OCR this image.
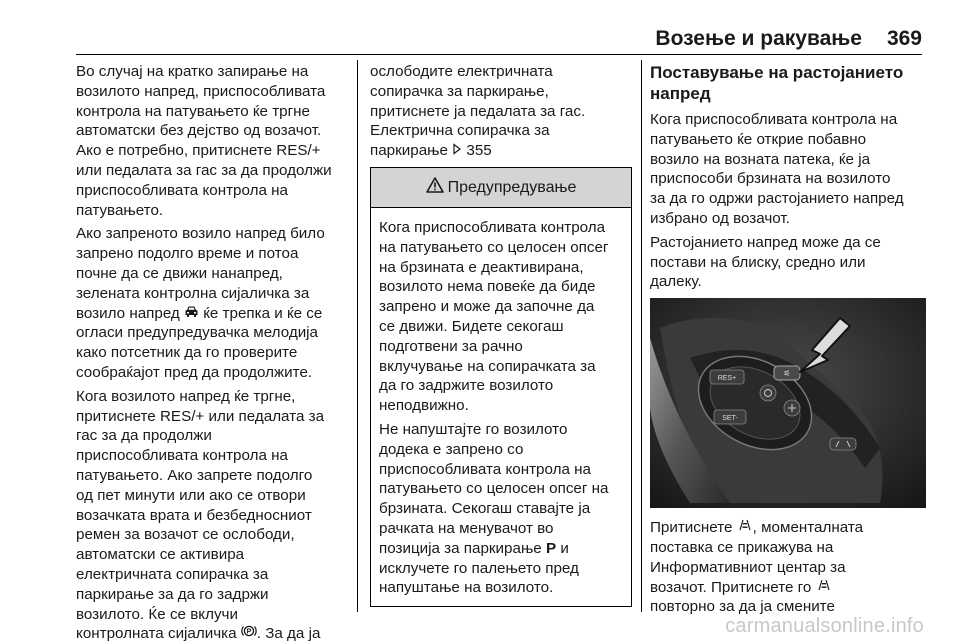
Возење и ракување 369
Во случај на кратко запирање на
возилото напред, приспособливата
контрола на патувањето ќе тргне
автоматски без дејство од возачот.
Ако е потребно, притиснете RES/+
или педалата за гас за да продолжи
приспособливата контрола на
патувањето.
Ако запреното возило напред било
запрено подолго време и потоа
почне да се движи нанапред,
зелената контролна сијаличка за
возило напред  ќе трепка и ќе се
огласи предупредувачка мелодија
како потсетник да го проверите
сообраќајот пред да продолжите.
Кога возилото напред ќе тргне,
притиснете RES/+ или педалата за
гас за да продолжи
приспособливата контрола на
патувањето. Ако запрете подолго
од пет минути или ако се отвори
возачката врата и безбедносниот
ремен за возачот се ослободи,
автоматски се активира
електричната сопирачка за
паркирање за да го задржи
возилото. Ќе се вклучи
контролната сијаличка P . За да ја
ослободите електричната
сопирачка за паркирање,
притиснете ја педалата за гас.
Електрична сопирачка за
паркирање  355
Предупредување
Кога приспособливата контрола
на патувањето со целосен опсег
на брзината е деактивирана,
возилото нема повеќе да биде
запрено и може да започне да
се движи. Бидете секогаш
подготвени за рачно
вклучување на сопирачката за
да го задржите возилото
неподвижно.
Не напуштајте го возилото
додека е запрено со
приспособливата контрола на
патувањето со целосен опсег на
брзината. Секогаш ставајте ја
рачката на менувачот во
позиција за паркирање P и
исклучете го палењето пред
напуштање на возилото.
Поставување на растојанието
напред
Кога приспособливата контрола на
патувањето ќе открие побавно
возило на возната патека, ќе ја
приспособи брзината на возилото
за да го одржи растојанието напред
избрано од возачот.
Растојанието напред може да се
постави на блиску, средно или
далеку.
RES+
SET-
⚟
Притиснете , моменталната
поставка се прикажува на
Информативниот центар за
возачот. Притиснете го
повторно за да ја смените
carmanualsonline.info
